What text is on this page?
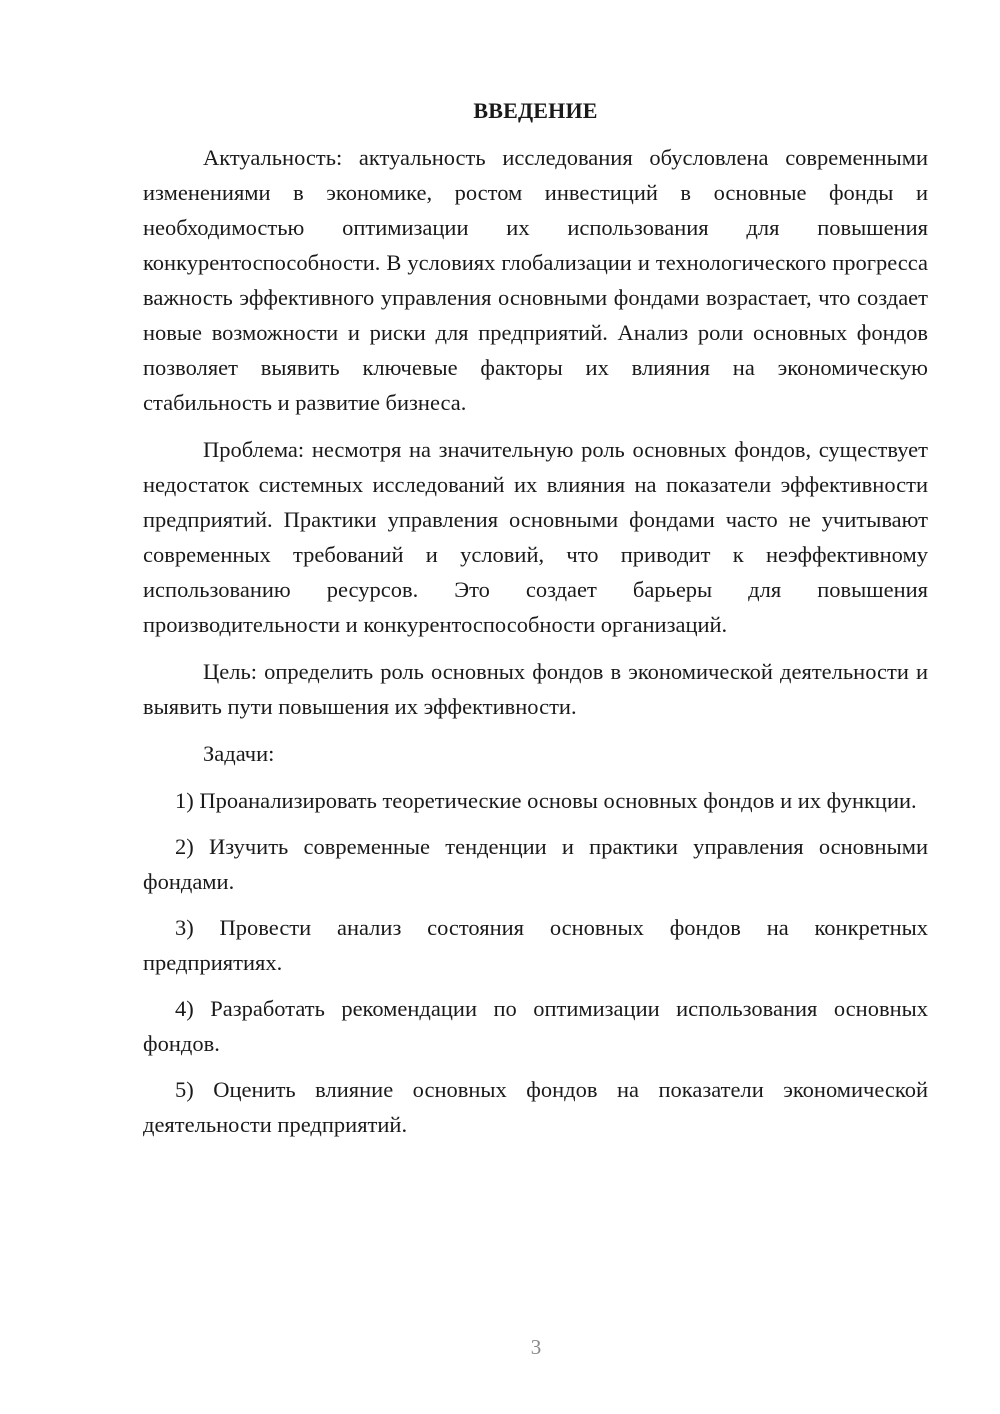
ВВЕДЕНИЕ

Актуальность: актуальность исследования обусловлена современными изменениями в экономике, ростом инвестиций в основные фонды и необходимостью оптимизации их использования для повышения конкурентоспособности. В условиях глобализации и технологического прогресса важность эффективного управления основными фондами возрастает, что создает новые возможности и риски для предприятий. Анализ роли основных фондов позволяет выявить ключевые факторы их влияния на экономическую стабильность и развитие бизнеса.

Проблема: несмотря на значительную роль основных фондов, существует недостаток системных исследований их влияния на показатели эффективности предприятий. Практики управления основными фондами часто не учитывают современных требований и условий, что приводит к неэффективному использованию ресурсов. Это создает барьеры для повышения производительности и конкурентоспособности организаций.

Цель: определить роль основных фондов в экономической деятельности и выявить пути повышения их эффективности.

Задачи:

1) Проанализировать теоретические основы основных фондов и их функции.

2) Изучить современные тенденции и практики управления основными фондами.

3) Провести анализ состояния основных фондов на конкретных предприятиях.

4) Разработать рекомендации по оптимизации использования основных фондов.

5) Оценить влияние основных фондов на показатели экономической деятельности предприятий.

3
